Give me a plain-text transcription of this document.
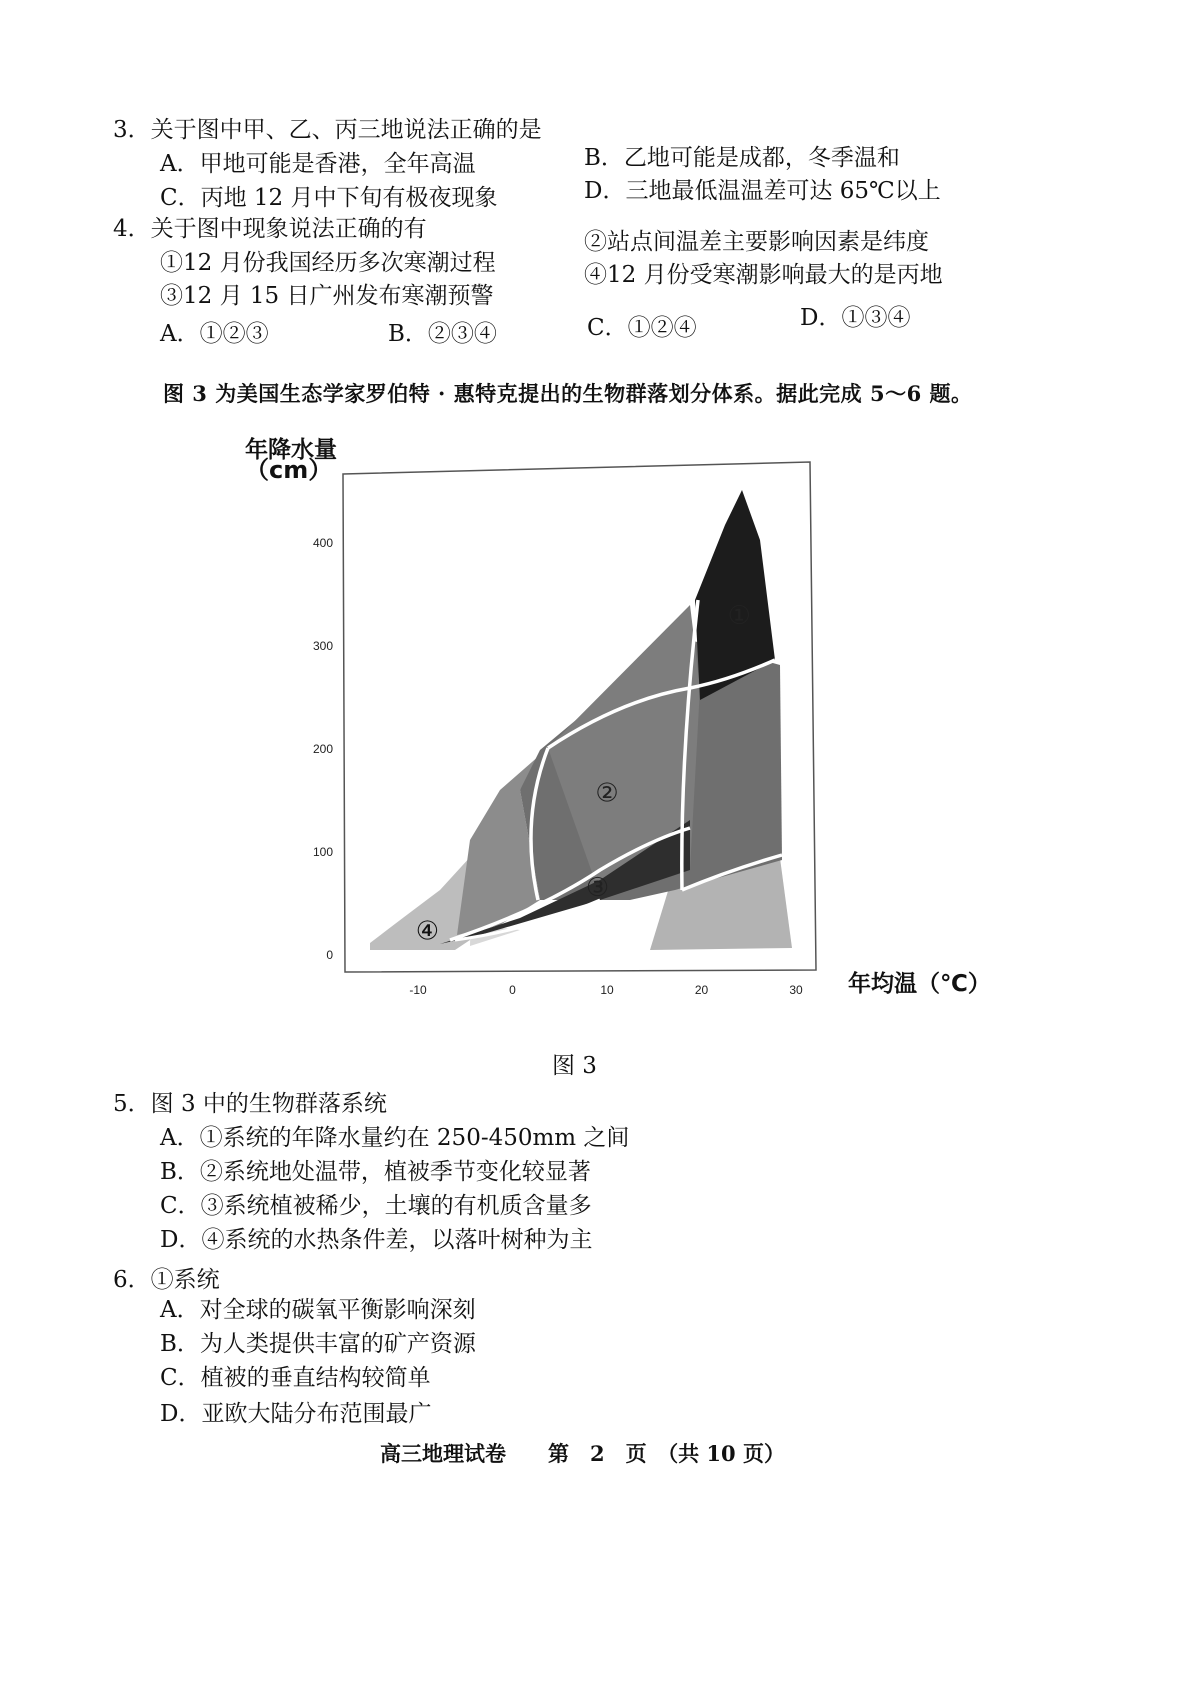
3．关于图中甲、乙、丙三地说法正确的是
A．甲地可能是香港，全年高温	B．乙地可能是成都，冬季温和
C．丙地 12 月中下旬有极夜现象	D．三地最低温温差可达 65℃以上
4．关于图中现象说法正确的有
①12 月份我国经历多次寒潮过程
②站点间温差主要影响因素是纬度
③12 月 15 日广州发布寒潮预警
④12 月份受寒潮影响最大的是丙地
A．①②③	B．②③④	C．①②④	D．①③④
图 3 为美国生态学家罗伯特 · 惠特克提出的生物群落划分体系。据此完成 5～6 题。
年降水量
（cm）
年均温（℃）
0
100
200
300
400
-10	0	10	20	30
①
②
③
④
图 3
5．图 3 中的生物群落系统
A．①系统的年降水量约在 250-450mm 之间
B．②系统地处温带，植被季节变化较显著
C．③系统植被稀少，土壤的有机质含量多
D．④系统的水热条件差，以落叶树种为主
6．①系统
A．对全球的碳氧平衡影响深刻
B．为人类提供丰富的矿产资源
C．植被的垂直结构较简单
D．亚欧大陆分布范围最广
高三地理试卷　　第　2　页　（共 10 页）
